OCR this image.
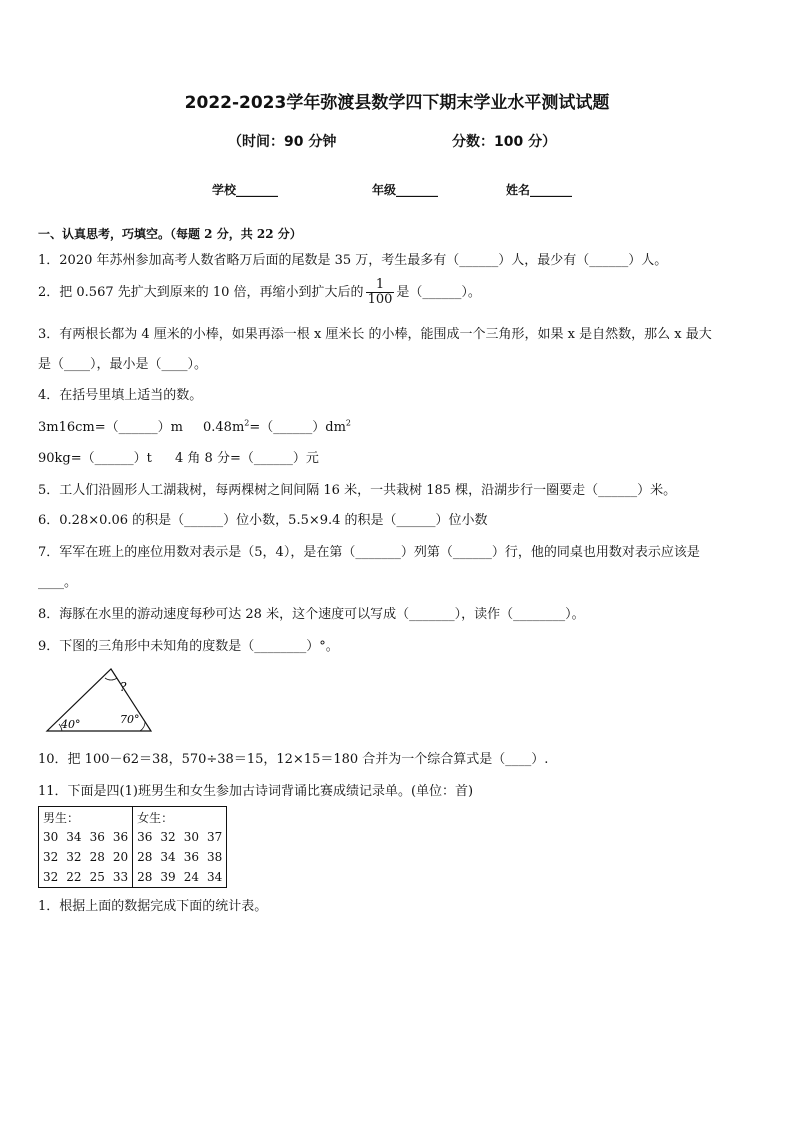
2022-2023学年弥渡县数学四下期末学业水平测试试题
（时间：90 分钟	分数：100 分）
学校_______	年级_______	姓名_______
一、认真思考，巧填空。（每题 2 分，共 22 分）
1．2020 年苏州参加高考人数省略万后面的尾数是 35 万，考生最多有（______）人，最少有（______）人。
2．把 0.567 先扩大到原来的 10 倍，再缩小到扩大后的 $\frac{1}{100}$ 是（______）。
3．有两根长都为 4 厘米的小棒，如果再添一根 x 厘米长 的小棒，能围成一个三角形，如果 x 是自然数，那么 x 最大
是（____），最小是（____）。
4．在括号里填上适当的数。
3m16cm=（______）m $0.48m^2=(\_\_\_\_\_\_)dm^2$
90kg=（______）t 4 角 8 分=（______）元
5．工人们沿圆形人工湖栽树，每两棵树之间间隔 16 米，一共栽树 185 棵，沿湖步行一圈要走（______）米。
6．0.28×0.06 的积是（______）位小数，5.5×9.4 的积是（______）位小数
7．军军在班上的座位用数对表示是（5，4），是在第（_______）列第（______）行，他的同桌也用数对表示应该是
____。
8．海豚在水里的游动速度每秒可达 28 米，这个速度可以写成（_______），读作（________）。
9．下图的三角形中未知角的度数是（________）°。
40°	70°
?
10．把 100－62＝38，570÷38＝15，12×15＝180 合并为一个综合算式是（____）.
11．下面是四(1)班男生和女生参加古诗词背诵比赛成绩记录单。(单位：首)
男生：
30	34	36	36
32	32	28	20
32	22	25	33

女生：
36	32	30	37
28	34	36	38
28	39	24	34
1．根据上面的数据完成下面的统计表。
